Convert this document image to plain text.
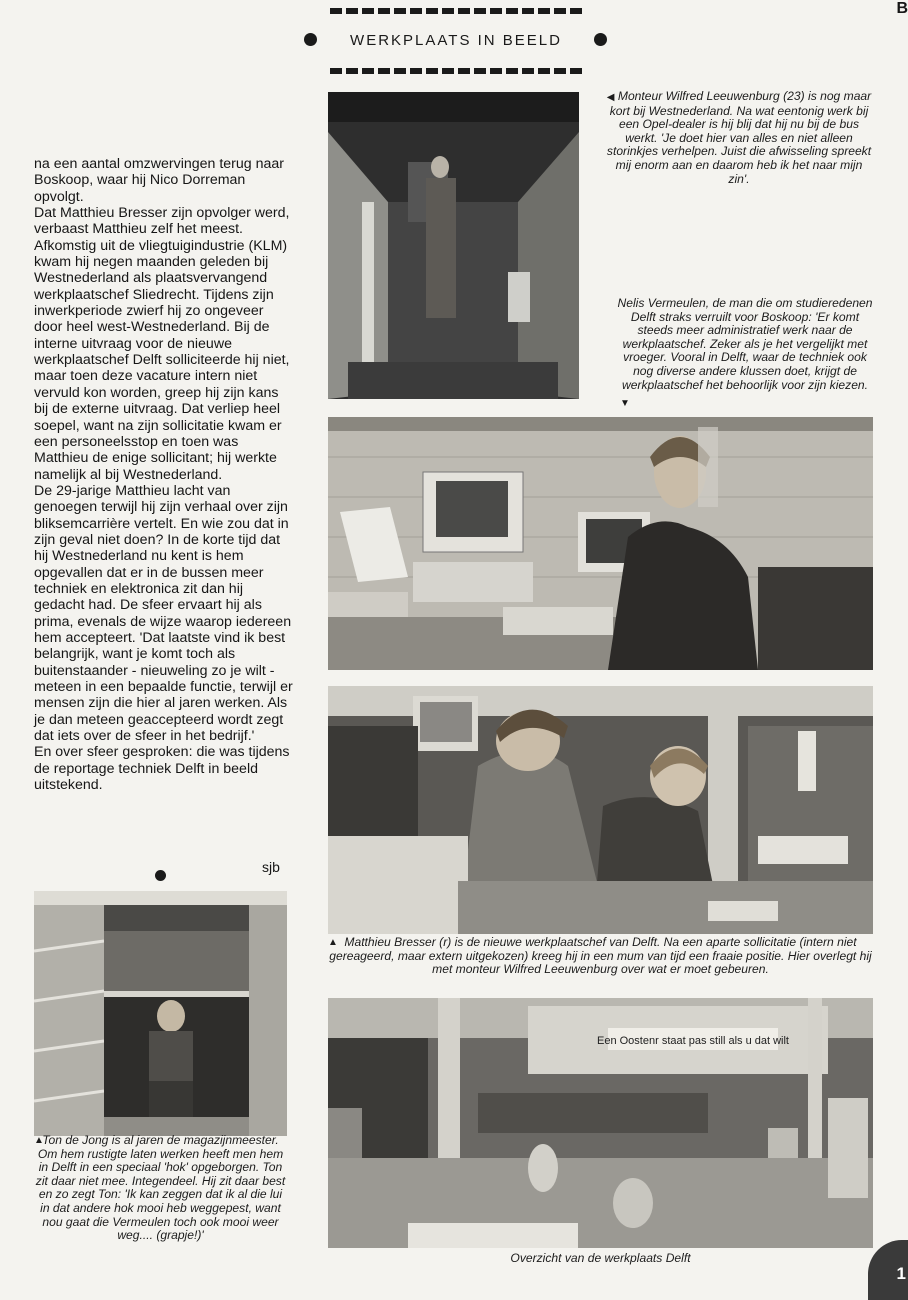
WERKPLAATS IN BEELD
B

na een aantal omzwervingen terug naar Boskoop, waar hij Nico Dorreman opvolgt.

Dat Matthieu Bresser zijn opvolger werd, verbaast Matthieu zelf het meest. Afkomstig uit de vliegtuigindustrie (KLM) kwam hij negen maanden geleden bij Westnederland als plaatsvervangend werkplaatschef Sliedrecht. Tijdens zijn inwerkperiode zwierf hij zo ongeveer door heel west-Westnederland. Bij de interne uitvraag voor de nieuwe werkplaatschef Delft solliciteerde hij niet, maar toen deze vacature intern niet vervuld kon worden, greep hij zijn kans bij de externe uitvraag. Dat verliep heel soepel, want na zijn sollicitatie kwam er een personeelsstop en toen was Matthieu de enige sollicitant; hij werkte namelijk al bij Westnederland.

De 29-jarige Matthieu lacht van genoegen terwijl hij zijn verhaal over zijn bliksemcarrière vertelt. En wie zou dat in zijn geval niet doen? In de korte tijd dat hij Westnederland nu kent is hem opgevallen dat er in de bussen meer techniek en elektronica zit dan hij gedacht had. De sfeer ervaart hij als prima, evenals de wijze waarop iedereen hem accepteert. 'Dat laatste vind ik best belangrijk, want je komt toch als buitenstaander - nieuweling zo je wilt - meteen in een bepaalde functie, terwijl er mensen zijn die hier al jaren werken. Als je dan meteen geaccepteerd wordt zegt dat iets over de sfeer in het bedrijf.'

En over sfeer gesproken: die was tijdens de reportage techniek Delft in beeld uitstekend.

sjb
◀ Monteur Wilfred Leeuwenburg (23) is nog maar kort bij Westnederland. Na wat eentonig werk bij een Opel-dealer is hij blij dat hij nu bij de bus werkt. 'Je doet hier van alles en niet alleen storinkjes verhelpen. Juist die afwisseling spreekt mij enorm aan en daarom heb ik het naar mijn zin'.
Nelis Vermeulen, de man die om studieredenen Delft straks verruilt voor Boskoop: 'Er komt steeds meer administratief werk naar de werkplaatschef. Zeker als je het vergelijkt met vroeger. Vooral in Delft, waar de techniek ook nog diverse andere klussen doet, krijgt de werkplaatschef het behoorlijk voor zijn kiezen.
▼
▲ Matthieu Bresser (r) is de nieuwe werkplaatschef van Delft. Na een aparte sollicitatie (intern niet gereageerd, maar extern uitgekozen) kreeg hij in een mum van tijd een fraaie positie. Hier overlegt hij met monteur Wilfred Leeuwenburg over wat er moet gebeuren.
Een Oostenr staat pas still als u dat wilt
Overzicht van de werkplaats Delft
▲
Ton de Jong is al jaren de magazijnmeester. Om hem rustigte laten werken heeft men hem in Delft in een speciaal 'hok' opgeborgen. Ton zit daar niet mee. Integendeel. Hij zit daar best en zo zegt Ton: 'Ik kan zeggen dat ik al die lui in dat andere hok mooi heb weggepest, want nou gaat die Vermeulen toch ook mooi weer weg.... (grapje!)'
1
